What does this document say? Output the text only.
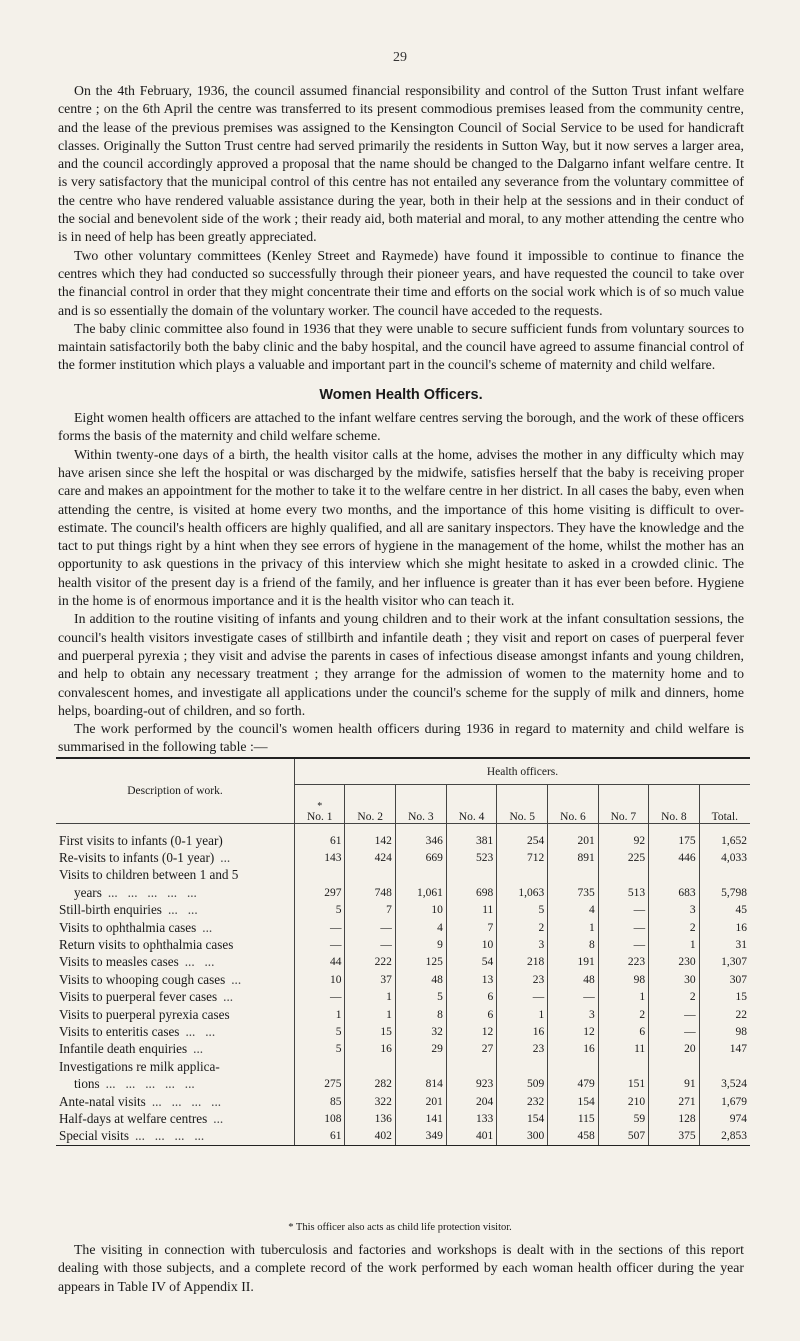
29

On the 4th February, 1936, the council assumed financial responsibility and control of the Sutton Trust infant welfare centre ; on the 6th April the centre was transferred to its present commodious premises leased from the community centre, and the lease of the previous premises was assigned to the Kensington Council of Social Service to be used for handicraft classes. Originally the Sutton Trust centre had served primarily the residents in Sutton Way, but it now serves a larger area, and the council accordingly approved a proposal that the name should be changed to the Dalgarno infant welfare centre. It is very satisfactory that the municipal control of this centre has not entailed any severance from the voluntary committee of the centre who have rendered valuable assistance during the year, both in their help at the sessions and in their conduct of the social and benevolent side of the work ; their ready aid, both material and moral, to any mother attending the centre who is in need of help has been greatly appreciated.

Two other voluntary committees (Kenley Street and Raymede) have found it impossible to continue to finance the centres which they had conducted so successfully through their pioneer years, and have requested the council to take over the financial control in order that they might concentrate their time and efforts on the social work which is of so much value and is so essentially the domain of the voluntary worker. The council have acceded to the requests.

The baby clinic committee also found in 1936 that they were unable to secure sufficient funds from voluntary sources to maintain satisfactorily both the baby clinic and the baby hospital, and the council have agreed to assume financial control of the former institution which plays a valuable and important part in the council's scheme of maternity and child welfare.

Women Health Officers.

Eight women health officers are attached to the infant welfare centres serving the borough, and the work of these officers forms the basis of the maternity and child welfare scheme.

Within twenty-one days of a birth, the health visitor calls at the home, advises the mother in any difficulty which may have arisen since she left the hospital or was discharged by the midwife, satisfies herself that the baby is receiving proper care and makes an appointment for the mother to take it to the welfare centre in her district. In all cases the baby, even when attending the centre, is visited at home every two months, and the importance of this home visiting is difficult to over-estimate. The council's health officers are highly qualified, and all are sanitary inspectors. They have the knowledge and the tact to put things right by a hint when they see errors of hygiene in the management of the home, whilst the mother has an opportunity to ask questions in the privacy of this interview which she might hesitate to asked in a crowded clinic. The health visitor of the present day is a friend of the family, and her influence is greater than it has ever been before. Hygiene in the home is of enormous importance and it is the health visitor who can teach it.

In addition to the routine visiting of infants and young children and to their work at the infant consultation sessions, the council's health visitors investigate cases of stillbirth and infantile death ; they visit and report on cases of puerperal fever and puerperal pyrexia ; they visit and advise the parents in cases of infectious disease amongst infants and young children, and help to obtain any necessary treatment ; they arrange for the admission of women to the maternity home and to convalescent homes, and investigate all applications under the council's scheme for the supply of milk and dinners, home helps, boarding-out of children, and so forth.

The work performed by the council's women health officers during 1936 in regard to maternity and child welfare is summarised in the following table :—

Description of work.	Health officers.								

	*
No. 1	No. 2	No. 3	No. 4	No. 5	No. 6	No. 7	No. 8	Total.

First visits to infants (0-1 year)	61	142	346	381	254	201	92	175	1,652
Re-visits to infants (0-1 year) ...	143	424	669	523	712	891	225	446	4,033
Visits to children between 1 and 5									
years ...   ...   ...   ...   ...	297	748	1,061	698	1,063	735	513	683	5,798
Still-birth enquiries ...   ...	5	7	10	11	5	4	—	3	45
Visits to ophthalmia cases ...	—	—	4	7	2	1	—	2	16
Return visits to ophthalmia cases	—	—	9	10	3	8	—	1	31
Visits to measles cases ...   ...	44	222	125	54	218	191	223	230	1,307
Visits to whooping cough cases ...	10	37	48	13	23	48	98	30	307
Visits to puerperal fever cases ...	—	1	5	6	—	—	1	2	15
Visits to puerperal pyrexia cases	1	1	8	6	1	3	2	—	22
Visits to enteritis cases ...   ...	5	15	32	12	16	12	6	—	98
Infantile death enquiries ...	5	16	29	27	23	16	11	20	147
Investigations re milk applica-									
tions ...   ...   ...   ...   ...	275	282	814	923	509	479	151	91	3,524
Ante-natal visits ...   ...   ...   ...	85	322	201	204	232	154	210	271	1,679
Half-days at welfare centres ...	108	136	141	133	154	115	59	128	974
Special visits ...   ...   ...   ...	61	402	349	401	300	458	507	375	2,853
* This officer also acts as child life protection visitor.

The visiting in connection with tuberculosis and factories and workshops is dealt with in the sections of this report dealing with those subjects, and a complete record of the work performed by each woman health officer during the year appears in Table IV of Appendix II.
